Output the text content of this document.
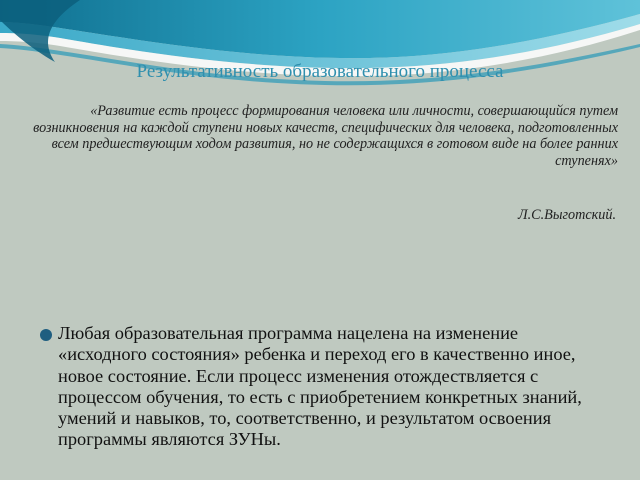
Результативность образовательного процесса

«Развитие есть процесс формирования человека или личности, совершающийся путем возникновения на каждой ступени новых качеств, специфических для человека, подготовленных всем предшествующим ходом развития, но не содержащихся в готовом виде на более ранних ступенях»

Л.С.Выготский.

Любая образовательная программа нацелена на изменение «исходного состояния» ребенка и переход его в качественно иное, новое состояние. Если процесс изменения отождествляется с процессом обучения, то есть с приобретением конкретных знаний, умений и навыков, то, соответственно, и результатом освоения программы являются ЗУНы.
